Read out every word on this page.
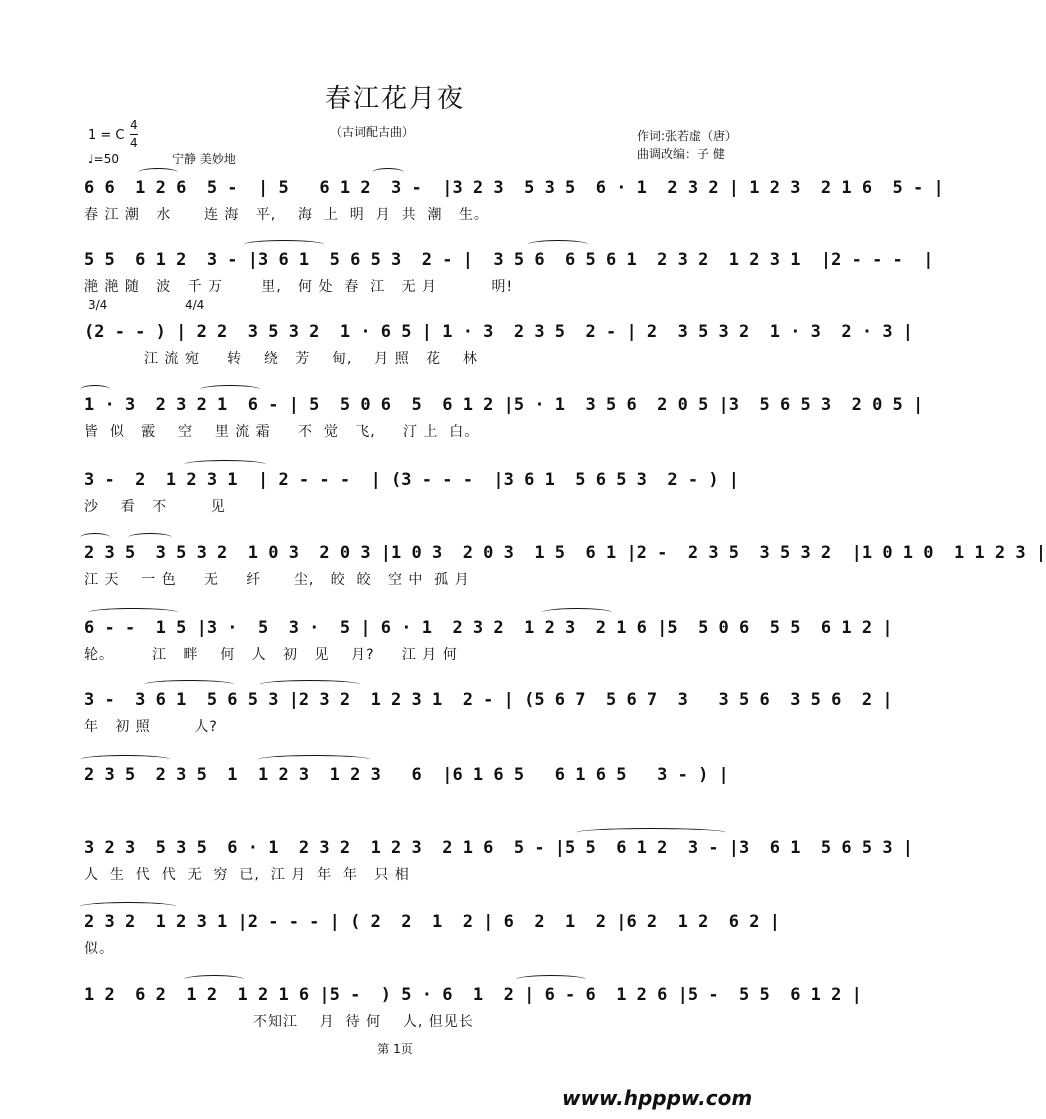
春江花月夜
（古词配古曲）
1 = C
4
4
♩=50	宁静 美妙地
作词:张若虚（唐）
曲调改编：子 健
3/4	4/4
6 6  1 2 6  5 -  | 5   6 1 2  3 -  |3 2 3  5 3 5  6 · 1  2 3 2 | 1 2 3  2 1 6  5 - |
春 江 潮   水      连 海   平,    海  上  明  月  共  潮   生。
5 5  6 1 2  3 - |3 6 1  5 6 5 3  2 - |  3 5 6  6 5 6 1  2 3 2  1 2 3 1  |2 - - -  |
滟 滟 随   波   千 万       里,   何 处  春  江   无 月          明!
(2 - - ) | 2 2  3 5 3 2  1 · 6 5 | 1 · 3  2 3 5  2 - | 2  3 5 3 2  1 · 3  2 · 3 |
江 流 宛     转    绕   芳    甸,    月 照   花    林
1 · 3  2 3 2 1  6 - | 5  5 0 6  5  6 1 2 |5 · 1  3 5 6  2 0 5 |3  5 6 5 3  2 0 5 |
皆  似   霰    空    里 流 霜     不  觉   飞,     汀 上  白。
3 -  2  1 2 3 1  | 2 - - -  | (3 - - -  |3 6 1  5 6 5 3  2 - ) |
沙    看   不        见
2 3 5  3 5 3 2  1 0 3  2 0 3 |1 0 3  2 0 3  1 5  6 1 |2 -  2 3 5  3 5 3 2  |1 0 1 0  1 1 2 3 |
江 天    一 色     无     纤      尘,   皎  皎   空 中  孤 月
6 - -  1 5 |3 ·  5  3 ·  5 | 6 · 1  2 3 2  1 2 3  2 1 6 |5  5 0 6  5 5  6 1 2 |
轮。       江   畔    何   人   初   见    月?     江 月 何
3 -  3 6 1  5 6 5 3 |2 3 2  1 2 3 1  2 - | (5 6 7  5 6 7  3   3 5 6  3 5 6  2 |
年   初 照        人?
2 3 5  2 3 5  1  1 2 3  1 2 3   6  |6 1 6 5   6 1 6 5   3 - ) |
3 2 3  5 3 5  6 · 1  2 3 2  1 2 3  2 1 6  5 - |5 5  6 1 2  3 - |3  6 1  5 6 5 3 |
人  生  代  代  无  穷  已,  江 月  年  年   只 相
2 3 2  1 2 3 1 |2 - - - | ( 2  2  1  2 | 6  2  1  2 |6 2  1 2  6 2 |
似。
1 2  6 2  1 2  1 2 1 6 |5 -  ) 5 · 6  1  2 | 6 - 6  1 2 6 |5 -  5 5  6 1 2 |
不知江    月  待 何    人, 但见长
第 1页
www.hpppw.com
